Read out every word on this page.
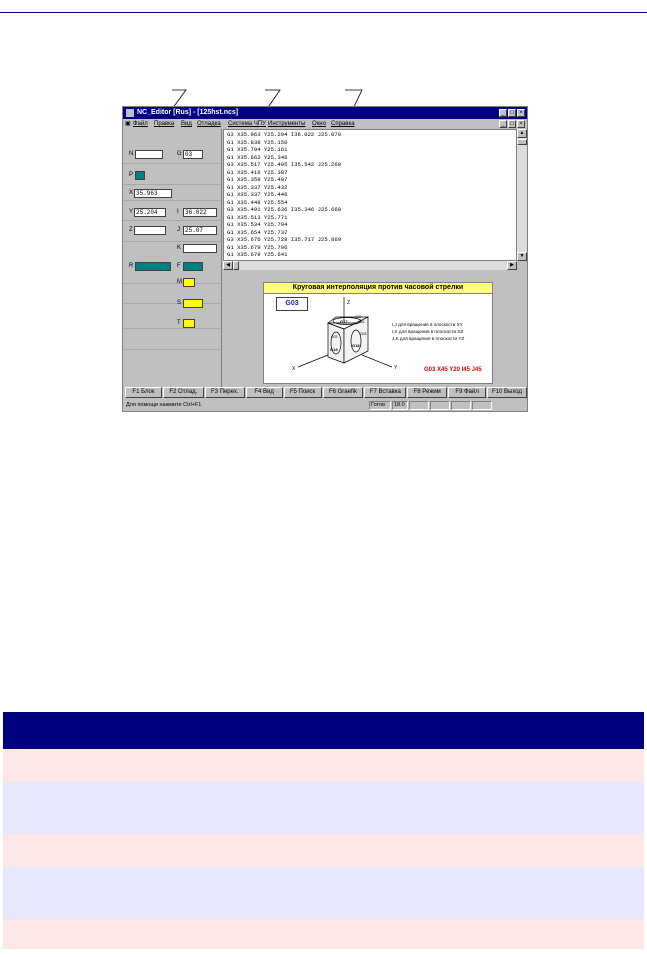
NC_Editor [Rus] - [125hst.ncs]	_ □ ×
▣ Файл Правка Вид Отладка Система ЧПУ Инструменты Окно Справка	_ □ ×
N	G 03
P
X 35.963
Y 25.204	I	36.022
Z	J 25.07
K
R	F
M
S
T
G3 X35.963 Y25.204 I36.022 J25.070
G1 X35.838 Y25.150
G1 X35.794 Y25.161
G1 X35.662 Y25.346
G3 X35.517 Y25.405 I35.542 J25.260
G1 X35.416 Y25.387
G1 X35.359 Y25.407
G1 X35.337 Y25.432
G1 X35.337 Y25.446
G1 X35.448 Y25.554
G3 X35.491 Y25.636 I35.346 J25.660
G1 X35.513 Y25.771
G1 X35.534 Y25.794
G1 X35.654 Y25.737
G3 X35.676 Y25.728 I35.717 J25.869
G1 X35.679 Y25.706
G1 X35.679 Y25.641
▲
▼
◀	▶
Круговая интерполяция против часовой стрелки
G03	Z
X	Y
G17
G19
G18
G02
G03
G03
G03
I,J для вращения в плоскости XY
I,K для вращения в плоскости XZ
J,K для вращения в плоскости YZ
G03 X45 Y20 I45 J45
F1 Блок	F2 Отлад.	F3 Перех.	F4 Вид	F5 Поиск	F6 Graefik	F7 Вставка	F8 Режим	F9 Файл	F10 Выход
Для помощи нажмите Ctrl+F1	Готов	18.0
